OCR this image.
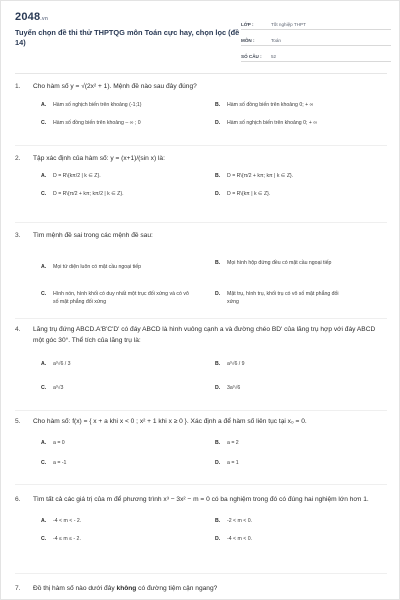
2048.vn
Tuyển chọn đề thi thử THPTQG môn Toán cực hay, chọn lọc (đề 14)
LỚP :	Tốt nghiệp THPT
MÔN :	Toán
SỐ CÂU :	52
1.	Cho hàm số y = √(2x² + 1). Mệnh đề nào sau đây đúng?
A.	Hàm số nghịch biến trên khoảng (-1;1)	B.	Hàm số đồng biến trên khoảng 0; + ∞
C.	Hàm số đồng biến trên khoảng – ∞ ; 0	D.	Hàm số nghịch biến trên khoảng 0; + ∞
2.	Tập xác định của hàm số: y = (x+1)/(sin x) là:
A.	D = R\{kπ/2 | k ∈ Z}.	B.	D = R\{π/2 + kπ; kπ | k ∈ Z}.
C.	D = R\{π/2 + kπ; kπ/2 | k ∈ Z}.	D.	D = R\{kπ | k ∈ Z}.
3.	Tìm mệnh đề sai trong các mệnh đề sau:
A.	Mọi tứ diện luôn có mặt cầu ngoại tiếp
B.	Mọi hình hộp đứng đều có mặt cầu ngoại tiếp
C.	Hình nón, hình khối có duy nhất một trục đối xứng và có vô số mặt phẳng đối xứng
D.	Mặt trụ, hình trụ, khối trụ có vô số mặt phẳng đối xứng
4.	Lăng trụ đứng ABCD.A'B'C'D' có đáy ABCD là hình vuông cạnh a và đường chéo BD' của lăng trụ hợp với đáy ABCD một góc 30°. Thể tích của lăng trụ là:
A.	a³√6 / 3	B.	a³√6 / 9
C.	a³√3	D.	3a³√6
5.	Cho hàm số: f(x) = { x + a khi x < 0 ; x² + 1 khi x ≥ 0 }. Xác định a để hàm số liên tục tại x₀ = 0.
A.	a = 0	B.	a = 2
C.	a = -1	D.	a = 1
6.	Tìm tất cả các giá trị của m để phương trình x³ − 3x² − m = 0 có ba nghiệm trong đó có đúng hai nghiệm lớn hơn 1.
A.	-4 < m < - 2.	B.	-2 < m < 0.
C.	-4 ≤ m ≤ - 2.	D.	-4 < m < 0.
7.	Đồ thị hàm số nào dưới đây không có đường tiệm cận ngang?
